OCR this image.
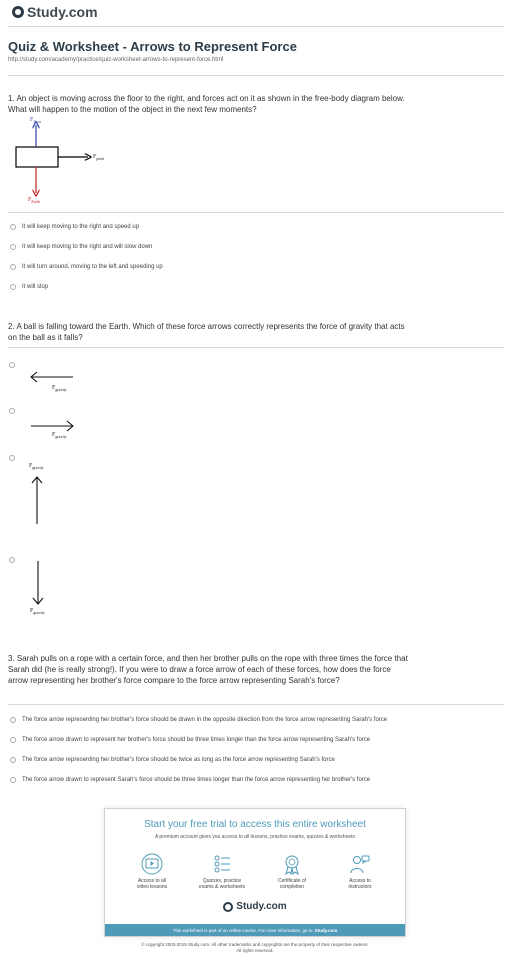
Study.com
Quiz & Worksheet - Arrows to Represent Force
http://study.com/academy/practice/quiz-worksheet-arrows-to-represent-force.html
1. An object is moving across the floor to the right, and forces act on it as shown in the free-body diagram below. What will happen to the motion of the object in the next few moments?
$F_{floor}$
$F_{push}$
$F_{Earth}$
It will keep moving to the right and speed up
It will keep moving to the right and will slow down
It will turn around, moving to the left and speeding up
It will stop
2. A ball is falling toward the Earth. Which of these force arrows correctly represents the force of gravity that acts on the ball as it falls?
$F_{gravity}$
$F_{gravity}$
$F_{gravity}$
$F_{gravity}$
3. Sarah pulls on a rope with a certain force, and then her brother pulls on the rope with three times the force that Sarah did (he is really strong!). If you were to draw a force arrow of each of these forces, how does the force arrow representing her brother's force compare to the force arrow representing Sarah's force?
The force arrow representing her brother's force should be drawn in the opposite direction from the force arrow representing Sarah's force
The force arrow drawn to represent her brother's force should be three times longer than the force arrow representing Sarah's force
The force arrow representing her brother's force should be twice as long as the force arrow representing Sarah's force
The force arrow drawn to represent Sarah's force should be three times longer than the force arrow representing her brother's force
Start your free trial to access this entire worksheet
A premium account gives you access to all lessons, practice exams, quizzes & worksheets
Access to all
video lessons
Quizzes, practice
exams & worksheets
Certificate of
completion
Access to
instructors
Study.com
This worksheet is part of an online course. For more information, go to Study.com
© copyright 2003-2015 Study.com. All other trademarks and copyrights are the property of their respective owners.
All rights reserved.
